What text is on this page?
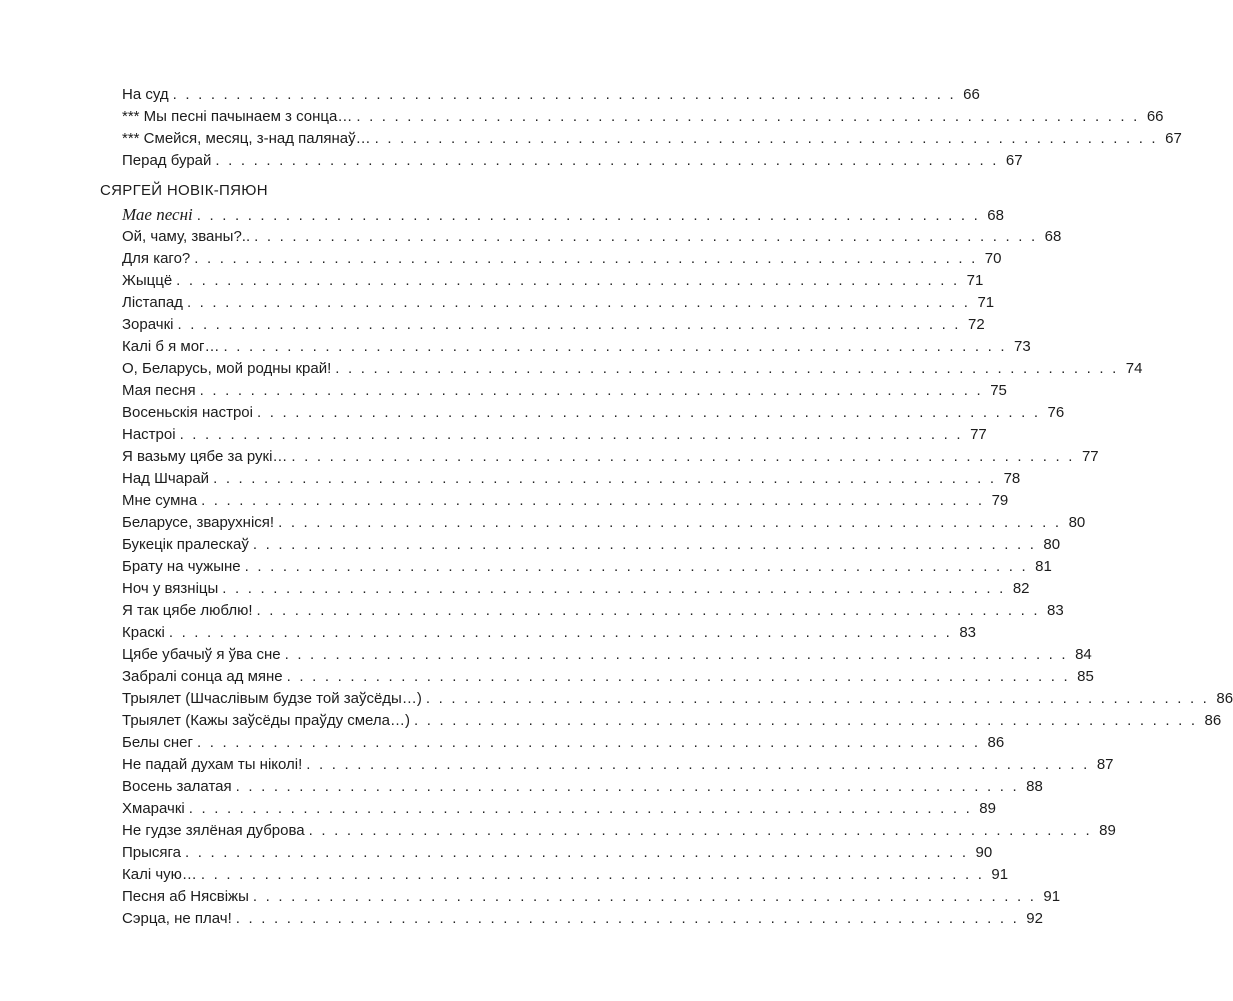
На суд . . . . . . . . . . . . . . . . . . . . . . . . . . . . . . . . . . . . . . . . . . . . . . . . . . . . . . . . . . . . . . 66
*** Мы песні пачынаем з сонца… . . . . . . . . . . . . . . . . . . . . . . . . . . . . . . . . . . . . . . . . . . . . . . . . . . . . . . . . . . . . . . 66
*** Смейся, месяц, з-над палянаў… . . . . . . . . . . . . . . . . . . . . . . . . . . . . . . . . . . . . . . . . . . . . . . . . . . . . . . . . . . . . . . 67
Перад бурай . . . . . . . . . . . . . . . . . . . . . . . . . . . . . . . . . . . . . . . . . . . . . . . . . . . . . . . . . . . . . . 67
СЯРГЕЙ НОВІК-ПЯЮН
Мае песні . . . . . . . . . . . . . . . . . . . . . . . . . . . . . . . . . . . . . . . . . . . . . . . . . . . . . . . . . . . . . . 68
Ой, чаму, званы?.. . . . . . . . . . . . . . . . . . . . . . . . . . . . . . . . . . . . . . . . . . . . . . . . . . . . . . . . . . . . . . . 68
Для каго? . . . . . . . . . . . . . . . . . . . . . . . . . . . . . . . . . . . . . . . . . . . . . . . . . . . . . . . . . . . . . . 70
Жыццё . . . . . . . . . . . . . . . . . . . . . . . . . . . . . . . . . . . . . . . . . . . . . . . . . . . . . . . . . . . . . . 71
Лістапад . . . . . . . . . . . . . . . . . . . . . . . . . . . . . . . . . . . . . . . . . . . . . . . . . . . . . . . . . . . . . . 71
Зорачкі . . . . . . . . . . . . . . . . . . . . . . . . . . . . . . . . . . . . . . . . . . . . . . . . . . . . . . . . . . . . . . 72
Калі б я мог… . . . . . . . . . . . . . . . . . . . . . . . . . . . . . . . . . . . . . . . . . . . . . . . . . . . . . . . . . . . . . . 73
О, Беларусь, мой родны край! . . . . . . . . . . . . . . . . . . . . . . . . . . . . . . . . . . . . . . . . . . . . . . . . . . . . . . . . . . . . . . 74
Мая песня . . . . . . . . . . . . . . . . . . . . . . . . . . . . . . . . . . . . . . . . . . . . . . . . . . . . . . . . . . . . . . 75
Восеньскія настроі . . . . . . . . . . . . . . . . . . . . . . . . . . . . . . . . . . . . . . . . . . . . . . . . . . . . . . . . . . . . . . 76
Настроі . . . . . . . . . . . . . . . . . . . . . . . . . . . . . . . . . . . . . . . . . . . . . . . . . . . . . . . . . . . . . . 77
Я вазьму цябе за рукі… . . . . . . . . . . . . . . . . . . . . . . . . . . . . . . . . . . . . . . . . . . . . . . . . . . . . . . . . . . . . . . 77
Над Шчарай . . . . . . . . . . . . . . . . . . . . . . . . . . . . . . . . . . . . . . . . . . . . . . . . . . . . . . . . . . . . . . 78
Мне сумна . . . . . . . . . . . . . . . . . . . . . . . . . . . . . . . . . . . . . . . . . . . . . . . . . . . . . . . . . . . . . . 79
Беларусе, зварухніся! . . . . . . . . . . . . . . . . . . . . . . . . . . . . . . . . . . . . . . . . . . . . . . . . . . . . . . . . . . . . . . 80
Букецік пралескаў . . . . . . . . . . . . . . . . . . . . . . . . . . . . . . . . . . . . . . . . . . . . . . . . . . . . . . . . . . . . . . 80
Брату на чужыне . . . . . . . . . . . . . . . . . . . . . . . . . . . . . . . . . . . . . . . . . . . . . . . . . . . . . . . . . . . . . . 81
Ноч у вязніцы . . . . . . . . . . . . . . . . . . . . . . . . . . . . . . . . . . . . . . . . . . . . . . . . . . . . . . . . . . . . . . 82
Я так цябе люблю! . . . . . . . . . . . . . . . . . . . . . . . . . . . . . . . . . . . . . . . . . . . . . . . . . . . . . . . . . . . . . . 83
Краскі . . . . . . . . . . . . . . . . . . . . . . . . . . . . . . . . . . . . . . . . . . . . . . . . . . . . . . . . . . . . . . 83
Цябе убачыў я ўва сне . . . . . . . . . . . . . . . . . . . . . . . . . . . . . . . . . . . . . . . . . . . . . . . . . . . . . . . . . . . . . . 84
Забралі сонца ад мяне . . . . . . . . . . . . . . . . . . . . . . . . . . . . . . . . . . . . . . . . . . . . . . . . . . . . . . . . . . . . . . 85
Трыялет (Шчаслівым будзе той заўсёды…) . . . . . . . . . . . . . . . . . . . . . . . . . . . . . . . . . . . . . . . . . . . . . . . . . . . . . . . . . . . . . . 86
Трыялет (Кажы заўсёды праўду смела…) . . . . . . . . . . . . . . . . . . . . . . . . . . . . . . . . . . . . . . . . . . . . . . . . . . . . . . . . . . . . . . 86
Белы снег . . . . . . . . . . . . . . . . . . . . . . . . . . . . . . . . . . . . . . . . . . . . . . . . . . . . . . . . . . . . . . 86
Не падай духам ты ніколі! . . . . . . . . . . . . . . . . . . . . . . . . . . . . . . . . . . . . . . . . . . . . . . . . . . . . . . . . . . . . . . 87
Восень залатая . . . . . . . . . . . . . . . . . . . . . . . . . . . . . . . . . . . . . . . . . . . . . . . . . . . . . . . . . . . . . . 88
Хмарачкі . . . . . . . . . . . . . . . . . . . . . . . . . . . . . . . . . . . . . . . . . . . . . . . . . . . . . . . . . . . . . . 89
Не гудзе зялёная дуброва . . . . . . . . . . . . . . . . . . . . . . . . . . . . . . . . . . . . . . . . . . . . . . . . . . . . . . . . . . . . . . 89
Прысяга . . . . . . . . . . . . . . . . . . . . . . . . . . . . . . . . . . . . . . . . . . . . . . . . . . . . . . . . . . . . . . 90
Калі чую… . . . . . . . . . . . . . . . . . . . . . . . . . . . . . . . . . . . . . . . . . . . . . . . . . . . . . . . . . . . . . . 91
Песня аб Нясвіжы . . . . . . . . . . . . . . . . . . . . . . . . . . . . . . . . . . . . . . . . . . . . . . . . . . . . . . . . . . . . . . 91
Сэрца, не плач! . . . . . . . . . . . . . . . . . . . . . . . . . . . . . . . . . . . . . . . . . . . . . . . . . . . . . . . . . . . . . . 92
